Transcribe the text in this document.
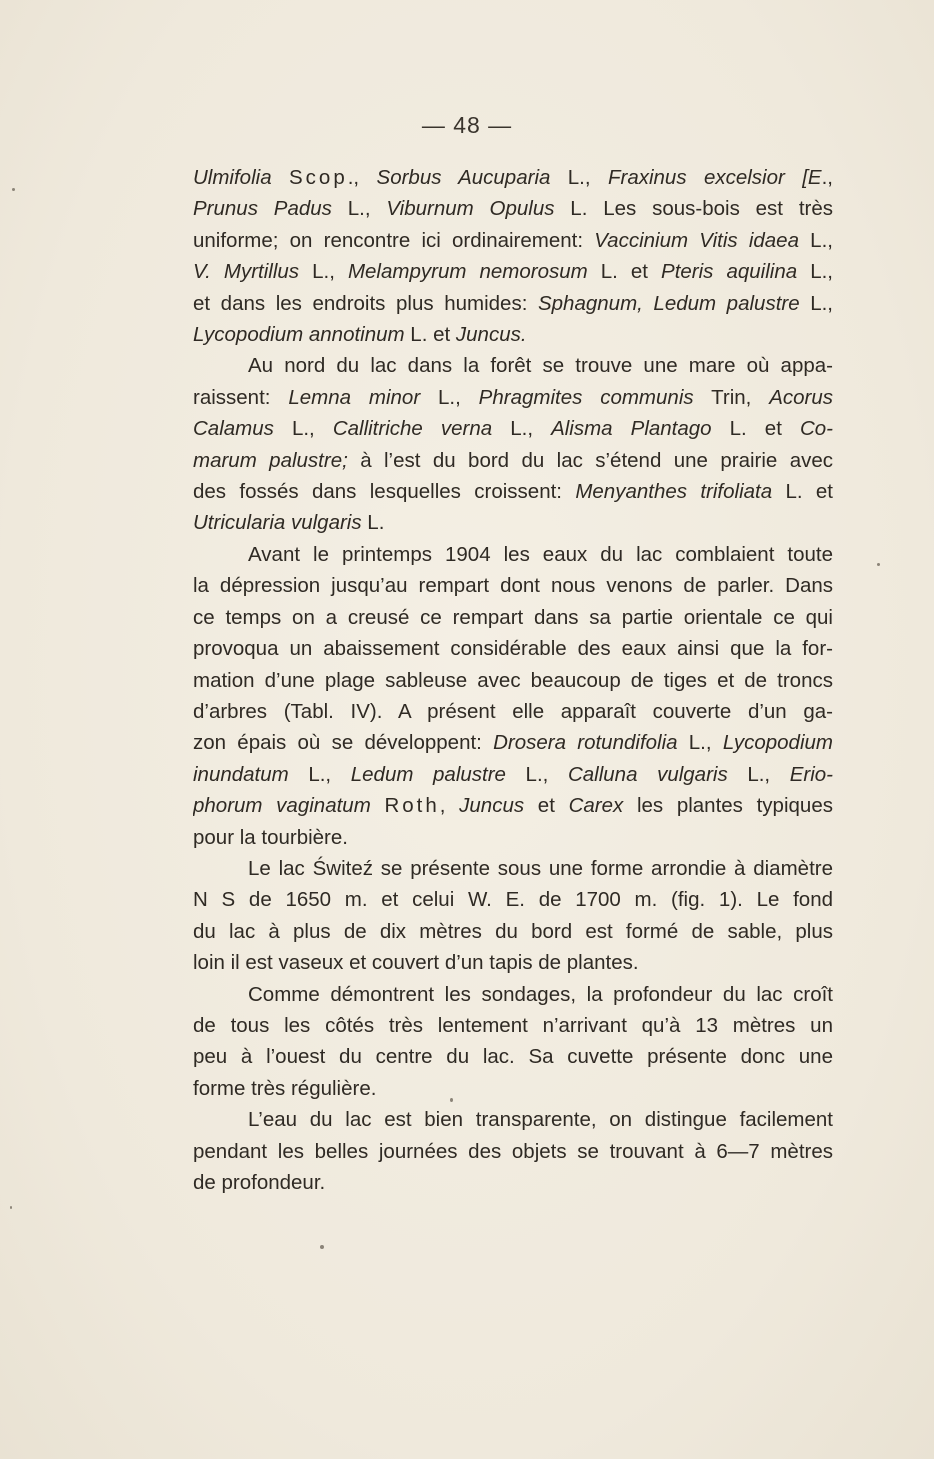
— 48 —
Ulmifolia Scop., Sorbus Aucuparia L., Fraxinus excelsior [E.,
Prunus Padus L., Viburnum Opulus L. Les sous-bois est très
uniforme; on rencontre ici ordinairement: Vaccinium Vitis idaea L.,
V. Myrtillus L., Melampyrum nemorosum L. et Pteris aquilina L.,
et dans les endroits plus humides: Sphagnum, Ledum palustre L.,
Lycopodium annotinum L. et Juncus.
Au nord du lac dans la forêt se trouve une mare où appa-
raissent: Lemna minor L., Phragmites communis Trin, Acorus
Calamus L., Callitriche verna L., Alisma Plantago L. et Co-
marum palustre; à l’est du bord du lac s’étend une prairie avec
des fossés dans lesquelles croissent: Menyanthes trifoliata L. et
Utricularia vulgaris L.
Avant le printemps 1904 les eaux du lac comblaient toute
la dépression jusqu’au rempart dont nous venons de parler. Dans
ce temps on a creusé ce rempart dans sa partie orientale ce qui
provoqua un abaissement considérable des eaux ainsi que la for-
mation d’une plage sableuse avec beaucoup de tiges et de troncs
d’arbres (Tabl. IV). A présent elle apparaît couverte d’un ga-
zon épais où se développent: Drosera rotundifolia L., Lycopodium
inundatum L., Ledum palustre L., Calluna vulgaris L., Erio-
phorum vaginatum Roth, Juncus et Carex les plantes typiques
pour la tourbière.
Le lac Świteź se présente sous une forme arrondie à diamètre
N S de 1650 m. et celui W. E. de 1700 m. (fig. 1). Le fond
du lac à plus de dix mètres du bord est formé de sable, plus
loin il est vaseux et couvert d’un tapis de plantes.
Comme démontrent les sondages, la profondeur du lac croît
de tous les côtés très lentement n’arrivant qu’à 13 mètres un
peu à l’ouest du centre du lac. Sa cuvette présente donc une
forme très régulière.
L’eau du lac est bien transparente, on distingue facilement
pendant les belles journées des objets se trouvant à 6—7 mètres
de profondeur.
